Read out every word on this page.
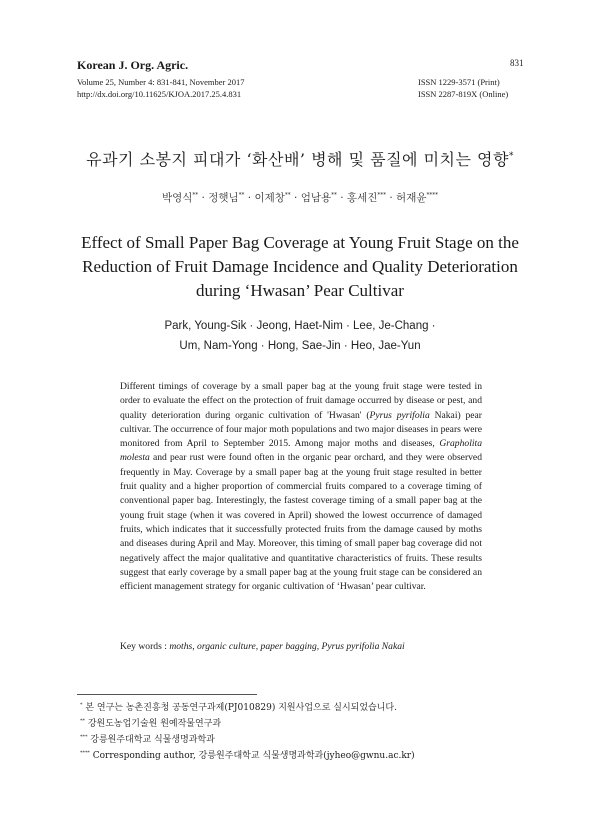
Korean J. Org. Agric.	831
Volume 25, Number 4: 831-841, November 2017
http://dx.doi.org/10.11625/KJOA.2017.25.4.831
ISSN 1229-3571 (Print)
ISSN 2287-819X (Online)
유과기 소봉지 피대가 ‘화산배’ 병해 및 품질에 미치는 영향*
박영식** · 정햇님** · 이제창** · 엄남용** · 홍세진*** · 허재윤****
Effect of Small Paper Bag Coverage at Young Fruit Stage on the Reduction of Fruit Damage Incidence and Quality Deterioration during ‘Hwasan’ Pear Cultivar
Park, Young-Sik · Jeong, Haet-Nim · Lee, Je-Chang ·
Um, Nam-Yong · Hong, Sae-Jin · Heo, Jae-Yun

Different timings of coverage by a small paper bag at the young fruit stage were tested in order to evaluate the effect on the protection of fruit damage occurred by disease or pest, and quality deterioration during organic cultivation of 'Hwasan' (Pyrus pyrifolia Nakai) pear cultivar. The occurrence of four major moth populations and two major diseases in pears were monitored from April to September 2015. Among major moths and diseases, Grapholita molesta and pear rust were found often in the organic pear orchard, and they were observed frequently in May. Coverage by a small paper bag at the young fruit stage resulted in better fruit quality and a higher proportion of commercial fruits compared to a coverage timing of conventional paper bag. Interestingly, the fastest coverage timing of a small paper bag at the young fruit stage (when it was covered in April) showed the lowest occurrence of damaged fruits, which indicates that it successfully protected fruits from the damage caused by moths and diseases during April and May. Moreover, this timing of small paper bag coverage did not negatively affect the major qualitative and quantitative characteristics of fruits. These results suggest that early coverage by a small paper bag at the young fruit stage can be considered an efficient management strategy for organic cultivation of ‘Hwasan’ pear cultivar.

Key words : moths, organic culture, paper bagging, Pyrus pyrifolia Nakai
* 본 연구는 농촌진흥청 공동연구과제(PJ010829) 지원사업으로 실시되었습니다.
** 강원도농업기술원 원예작물연구과
*** 강릉원주대학교 식물생명과학과
**** Corresponding author, 강릉원주대학교 식물생명과학과(jyheo@gwnu.ac.kr)
